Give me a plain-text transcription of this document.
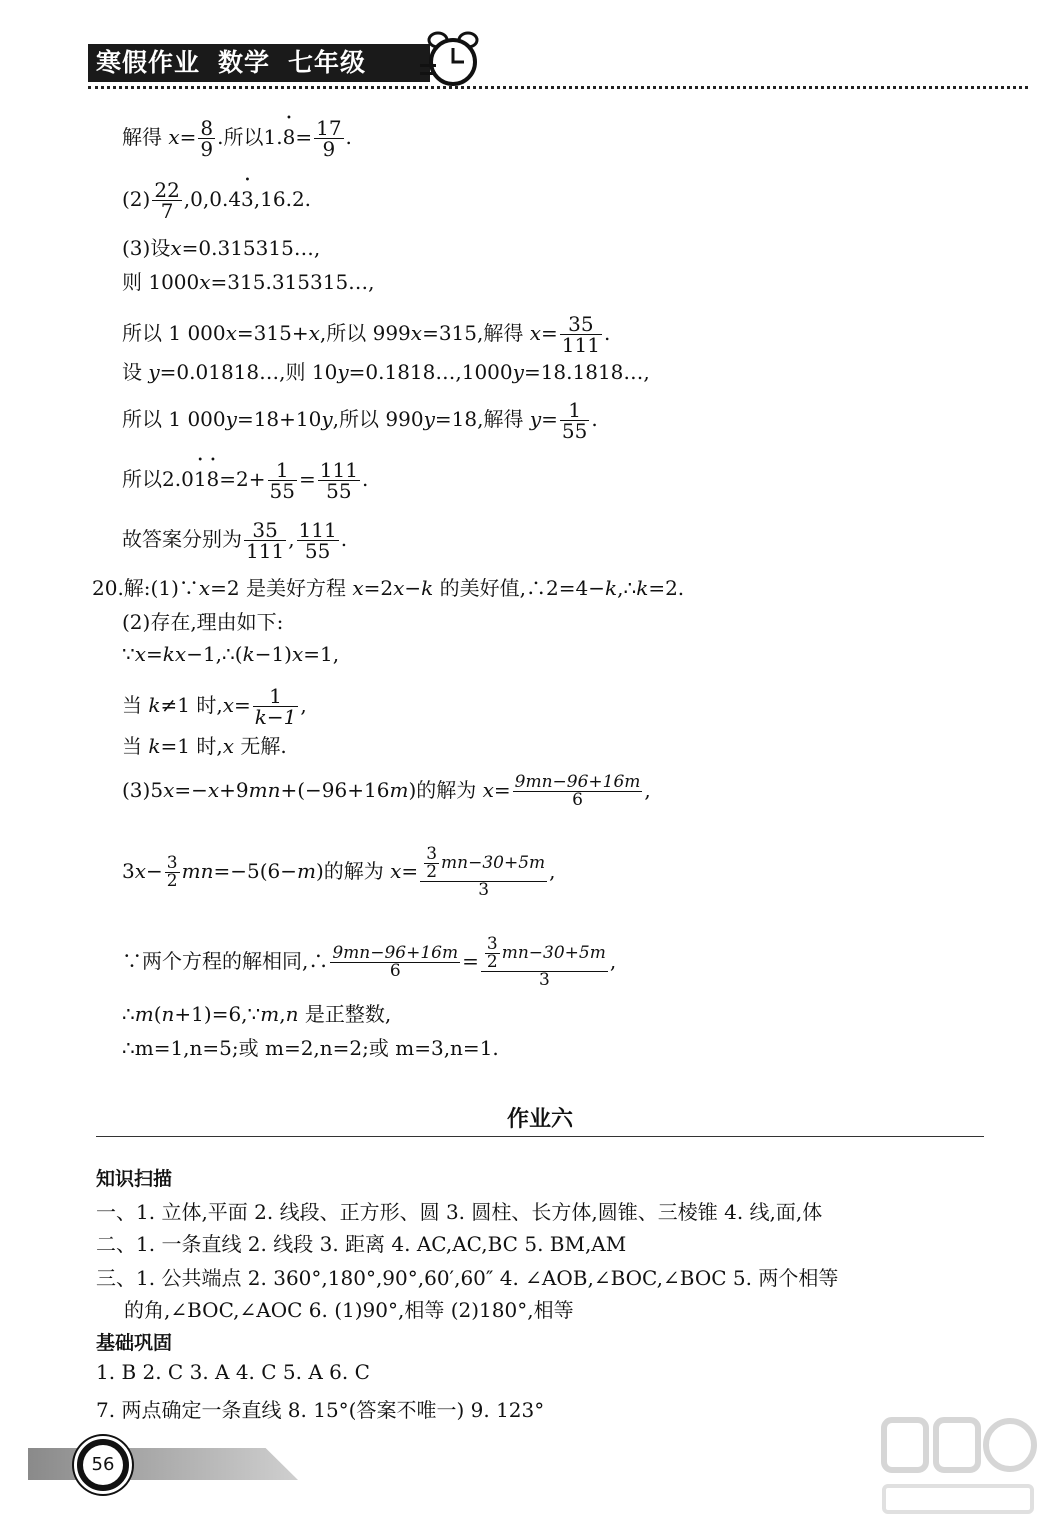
寒假作业 数学 七年级
解得 $x= \frac{8}{9}$ .所以1.• $8= \frac{17}{9}$ .
$(2) \frac{22}{7}$ ,0,0.4• 3,16.2.
(3)设x=0.315315…,
则 1000x=315.315315…,
所以 1 000x=315+x,所以 999x=315,解得 $x= \frac{35}{111}$ .
设 y=0.01818…,则 10y=0.1818…,1000y=18.1818…,
所以 1 000y=18+10y,所以 990y=18,解得 $y= \frac{1}{55}$ .
所以2.0• 1• $8=2+ \frac{1}{55} = \frac{111}{55}$ .
故答案分别为 $\frac{35}{111}$ , $\frac{111}{55}$ .
20.解:(1)∵x=2 是美好方程 x=2x−k 的美好值,∴2=4−k,∴k=2.
(2)存在,理由如下:
∵x=kx−1,∴(k−1)x=1,
当 k≠1 时$,x= \frac{1}{k-1}$ ,
当 k=1 时,x 无解.
(3)5x=−x+9mn+(−96+16m)的解为 $x= \frac{9mn-96+16m}{6}$ ,
$3x- \frac{3}{2} mn=-5(6-m)$的解为 $x= \frac{\frac{3}{2} mn-30+5m}{3}$ ,
∵两个方程的解相同,∴ $\frac{9mn-96+16m}{6} = \frac{\frac{3}{2} mn-30+5m}{3}$ ,
∴m(n+1)=6,∵m,n 是正整数,
∴m=1,n=5;或 m=2,n=2;或 m=3,n=1.
作业六
知识扫描
一、1. 立体,平面 2. 线段、正方形、圆 3. 圆柱、长方体,圆锥、三棱锥 4. 线,面,体
二、1. 一条直线 2. 线段 3. 距离 4. AC,AC,BC 5. BM,AM
三、1. 公共端点 2. 360°,180°,90°,60′,60″ 4. ∠AOB,∠BOC,∠BOC 5. 两个相等
的角,∠BOC,∠AOC 6. (1)90°,相等 (2)180°,相等
基础巩固
1. B 2. C 3. A 4. C 5. A 6. C
7. 两点确定一条直线 8. 15°(答案不唯一) 9. 123°
56
